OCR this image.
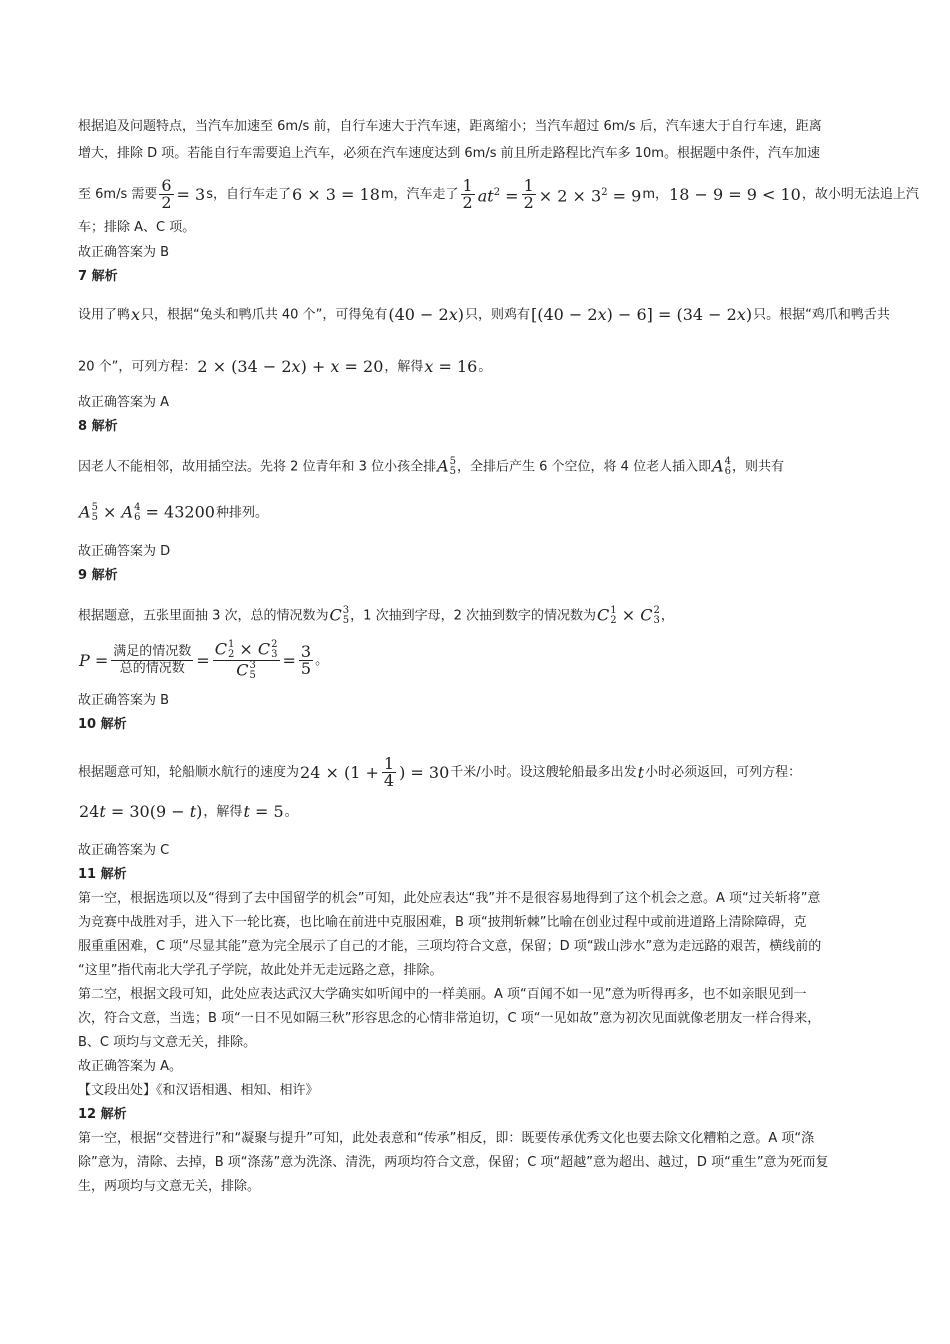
根据追及问题特点，当汽车加速至 6m/s 前，自行车速大于汽车速，距离缩小；当汽车超过 6m/s 后，汽车速大于自行车速，距离
增大，排除 D 项。若能自行车需要追上汽车，必须在汽车速度达到 6m/s 前且所走路程比汽车多 10m。根据题中条件，汽车加速
至 6m/s 需要 $\frac{6}{2} = 3s$，自行车走了6 × 3 = 18m，汽车走了 $\frac{1}{2} at^2 = \frac{1}{2} \times 2 \times 3^2 = 9m$，18 − 9 = 9 < 10，故小明无法追上汽
车；排除 A、C 项。
故正确答案为 B
7 解析
设用了鸭x只，根据“兔头和鸭爪共 40 个”，可得兔有(40 − 2x)只，则鸡有[(40 − 2x) − 6] = (34 − 2x)只。根据“鸡爪和鸭舌共
20 个”，可列方程：2 × (34 − 2x) + x = 20，解得x = 16。
故正确答案为 A
8 解析
因老人不能相邻，故用插空法。先将 2 位青年和 3 位小孩全排A 5
5 ，全排后产生 6 个空位，将 4 位老人插入即A 4
6 ，则共有
A 5
5 × A 4
6 = 43200种排列。
故正确答案为 D
9 解析
根据题意，五张里面抽 3 次，总的情况数为C 3
5 ，1 次抽到字母，2 次抽到数字的情况数为C 1
2 × C 2
3 ，
$P = \frac{\text{满足的情况数}}{\text{总的情况数}} = C$ 1
2 × C 2
3
C 3
$5 = \frac{3}{5}$ 。
故正确答案为 B
10 解析
根据题意可知，轮船顺水航行的速度为$24 \times (1 + \frac{1}{4}$ ) = 30千米/小时。设这艘轮船最多出发t小时必须返回，可列方程：
24t = 30(9 − t)，解得t = 5。
故正确答案为 C
11 解析
第一空，根据选项以及“得到了去中国留学的机会”可知，此处应表达“我”并不是很容易地得到了这个机会之意。A 项“过关斩将”意
为竞赛中战胜对手，进入下一轮比赛，也比喻在前进中克服困难，B 项“披荆斩棘”比喻在创业过程中或前进道路上清除障碍，克
服重重困难，C 项“尽显其能”意为完全展示了自己的才能，三项均符合文意，保留；D 项“跋山涉水”意为走远路的艰苦，横线前的
“这里”指代南北大学孔子学院，故此处并无走远路之意，排除。
第二空，根据文段可知，此处应表达武汉大学确实如听闻中的一样美丽。A 项“百闻不如一见”意为听得再多，也不如亲眼见到一
次，符合文意，当选；B 项“一日不见如隔三秋”形容思念的心情非常迫切，C 项“一见如故”意为初次见面就像老朋友一样合得来，
B、C 项均与文意无关，排除。
故正确答案为 A。
【文段出处】《和汉语相遇、相知、相许》
12 解析
第一空，根据“交替进行”和“凝聚与提升”可知，此处表意和“传承”相反，即：既要传承优秀文化也要去除文化糟粕之意。A 项“涤
除”意为，清除、去掉，B 项“涤荡”意为洗涤、清洗，两项均符合文意，保留；C 项“超越”意为超出、越过，D 项“重生”意为死而复
生，两项均与文意无关，排除。
